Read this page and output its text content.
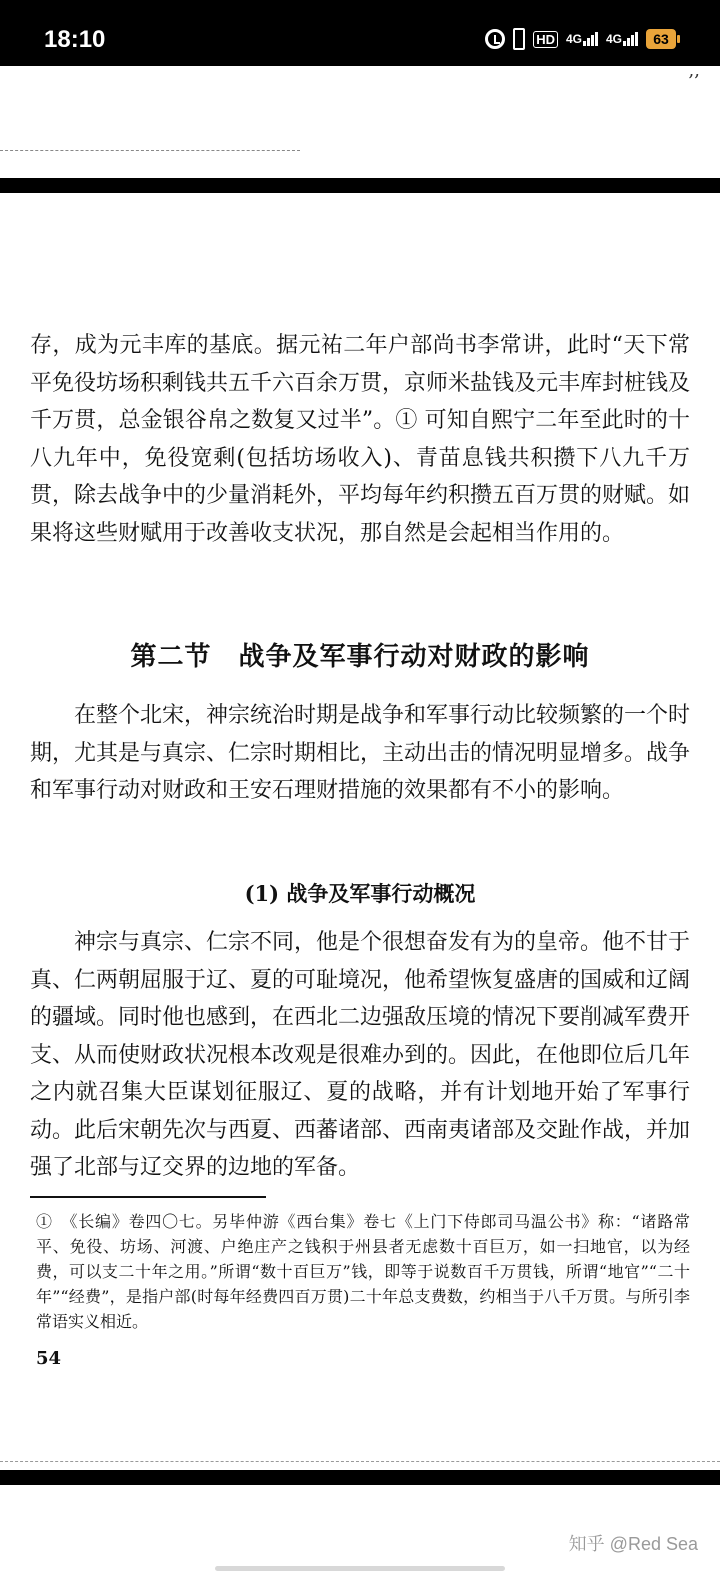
18:10	HD 4G 4G	63
,,
存，成为元丰库的基底。据元祐二年户部尚书李常讲，此时“天下常平免役坊场积剩钱共五千六百余万贯，京师米盐钱及元丰库封桩钱及千万贯，总金银谷帛之数复又过半”。① 可知自熙宁二年至此时的十八九年中，免役宽剩(包括坊场收入)、青苗息钱共积攒下八九千万贯，除去战争中的少量消耗外，平均每年约积攒五百万贯的财赋。如果将这些财赋用于改善收支状况，那自然是会起相当作用的。
第二节　战争及军事行动对财政的影响
在整个北宋，神宗统治时期是战争和军事行动比较频繁的一个时期，尤其是与真宗、仁宗时期相比，主动出击的情况明显增多。战争和军事行动对财政和王安石理财措施的效果都有不小的影响。
(1) 战争及军事行动概况
神宗与真宗、仁宗不同，他是个很想奋发有为的皇帝。他不甘于真、仁两朝屈服于辽、夏的可耻境况，他希望恢复盛唐的国威和辽阔的疆域。同时他也感到，在西北二边强敌压境的情况下要削减军费开支、从而使财政状况根本改观是很难办到的。因此，在他即位后几年之内就召集大臣谋划征服辽、夏的战略，并有计划地开始了军事行动。此后宋朝先次与西夏、西蕃诸部、西南夷诸部及交趾作战，并加强了北部与辽交界的边地的军备。
①　《长编》卷四〇七。另毕仲游《西台集》卷七《上门下侍郎司马温公书》称：“诸路常平、免役、坊场、河渡、户绝庄产之钱积于州县者无虑数十百巨万，如一扫地官，以为经费，可以支二十年之用。”所谓“数十百巨万”钱，即等于说数百千万贯钱，所谓“地官”“二十年”“经费”，是指户部(时每年经费四百万贯)二十年总支费数，约相当于八千万贯。与所引李常语实义相近。
54
知乎 @Red Sea
